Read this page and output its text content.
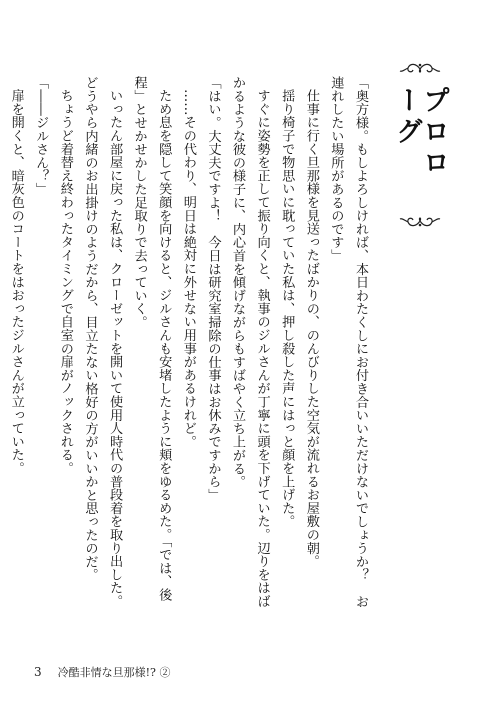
プロローグ

「奥方様。もしよろしければ、本日わたくしにお付き合いいただけないでしょうか？　お連れしたい場所があるのです」

仕事に行く旦那様を見送ったばかりの、のんびりした空気が流れるお屋敷の朝。

揺り椅子で物思いに耽っていた私は、押し殺した声にはっと顔を上げた。

すぐに姿勢を正して振り向くと、執事のジルさんが丁寧に頭を下げていた。辺りをはばかるような彼の様子に、内心首を傾げながらもすばやく立ち上がる。

「はい。大丈夫ですよ！　今日は研究室掃除の仕事はお休みですから」

……その代わり、明日は絶対に外せない用事があるけれど。

ため息を隠して笑顔を向けると、ジルさんも安堵したように頬をゆるめた。「では、後程」とせかせかした足取りで去っていく。

いったん部屋に戻った私は、クローゼットを開いて使用人時代の普段着を取り出した。どうやら内緒のお出掛けのようだから、目立たない格好の方がいいかと思ったのだ。

ちょうど着替え終わったタイミングで自室の扉がノックされる。

「――ジルさん？」

扉を開くと、暗灰色のコートをはおったジルさんが立っていた。

3 冷酷非情な旦那様!? ②
